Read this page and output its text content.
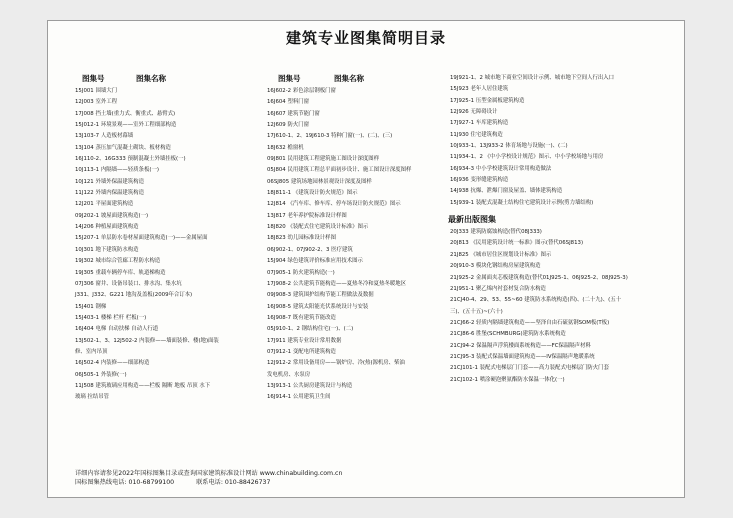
建筑专业图集简明目录
图集号	图集名称
15J001 围墙大门
12J003 室外工程
17J008 挡土墙(重力式、衡重式、悬臂式)
15J012-1 环境景观——室外工程细部构造
13J103-7 人造板材幕墙
13J104 蒸压加气混凝土砌块、板材构造
16J110-2、16G333 预制混凝土外墙挂板(一)
10J113-1 内隔墙——轻质条板(一)
10J121 外墙外保温建筑构造
11J122 外墙内保温建筑构造
12J201 平屋面建筑构造
09J202-1 坡屋面建筑构造(一)
14J206 种植屋面建筑构造
15J207-1 单层防水卷材屋面建筑构造(一)——金属屋面
10J301 地下建筑防水构造
19J302 城市综合管廊工程防水构造
19J305 重载车辆停车库、轨道梯构造
07J306 窗井、设备吊装口、排水沟、集水坑
J331、J332、G221 地沟及盖板(2009年合订本)
15J401 钢梯
15J403-1 楼梯 栏杆 栏板(一)
16J404 电梯 自动扶梯 自动人行道
13J502-1、3、12J502-2 内装修——墙面装修、楼(地)面装
修、室内吊顶
16J502-4 内装修——细部构造
06J505-1 外装修(一)
11J508 建筑玻璃应用构造——栏板 隔断 地板 吊顶 水下
玻璃 拉结吊管
图集号	图集名称
16J602-2 彩色涂层钢板门窗
16J604 塑料门窗
16J607 建筑节能门窗
12J609 防火门窗
17J610-1、2、19J610-3 特种门窗(一)、(二)、(三)
18J632 檐窗机
09J801 民用建筑工程建筑施工图设计深度图样
05J804 民用建筑工程总平面初步设计、施工图设计深度图样
06SJ805 建筑场地园林景观设计深度及图样
18J811-1 《建筑设计防火规范》图示
12J814 《汽车库、修车库、停车场设计防火规范》图示
13J817 老年养护院标准设计样图
18J820 《装配式住宅建筑设计标准》图示
18J823 幼儿园标准设计样图
06J902-1、07J902-2、3 医疗建筑
15J904 绿色建筑评价标准应用技术图示
07J905-1 防火建筑构造(一)
17J908-2 公共建筑节能构造——夏热冬冷和夏热冬暖地区
09J908-3 建筑围护结构节能工程做法及数据
16J908-5 建筑太阳能光伏系统设计与安装
16J908-7 既有建筑节能改造
05J910-1、2 钢结构住宅(一)、(二)
17J911 建筑专业设计常用数据
07J912-1 变配电所建筑构造
12J912-2 常用设备用房——锅炉房、冷(热)源机房、柴油
发电机房、水泵房
13J913-1 公共厨房建筑设计与构造
16J914-1 公用建筑卫生间
19J921-1、2 城市地下商业空间设计示例、城市地下空间人行出入口
15J923 老年人居住建筑
17J925-1 压型金属板建筑构造
12J926 无障碍设计
17J927-1 车库建筑构造
11J930 住宅建筑构造
10J933-1、13J933-2 体育场地与设施(一)、(二)
11J934-1、2 《中小学校设计规范》图示、中小学校场地与用房
16J934-3 中小学校建筑设计常用构造做法
16J936 变形缝建筑构造
14J938 抗爆、泄爆门窗及屋盖、墙体建筑构造
15J939-1 装配式混凝土结构住宅建筑设计示例(剪力墙结构)
最新出版图集
20J333 建筑防腐蚀构造(替代08J333)
20J813 《民用建筑设计统一标准》图示(替代06SJ813)
21J825 《城市居住区规划设计标准》图示
20J910-3 模块化钢结构房屋建筑构造
21J925-2 金属面夹芯板建筑构造(替代01J925-1、06J925-2、08J925-3)
21J951-1 聚乙烯内衬套材复合防水构造
21CJ40-4、29、53、55~60 建筑防水系统构造(四)、(二十九)、(五十
三)、(五十五)~(六十)
21CJ66-2 轻质内隔墙建筑构造——坚泽自由石硫氨钢SOM板(T板)
21CJ86-6 胜堡(SCHMBURG)建筑防水系统构造
21CJ94-2 保温隔声浮筑楼面系统构造——FC保温隔声材料
21CJ95-3 装配式保温墙面建筑构造——IV保温隔声地暖系统
21CJ101-1 装配式电梯层门门套——高力装配式电梯层门防火门套
21CJ102-1 喷涂硬泡聚氨酯防水保温一体化(一)
详细内容请参见2022年国标图集目录或查询国家建筑标准设计网站 www.chinabuilding.com.cn
国标图集热线电话: 010-68799100	联系电话: 010-88426737
